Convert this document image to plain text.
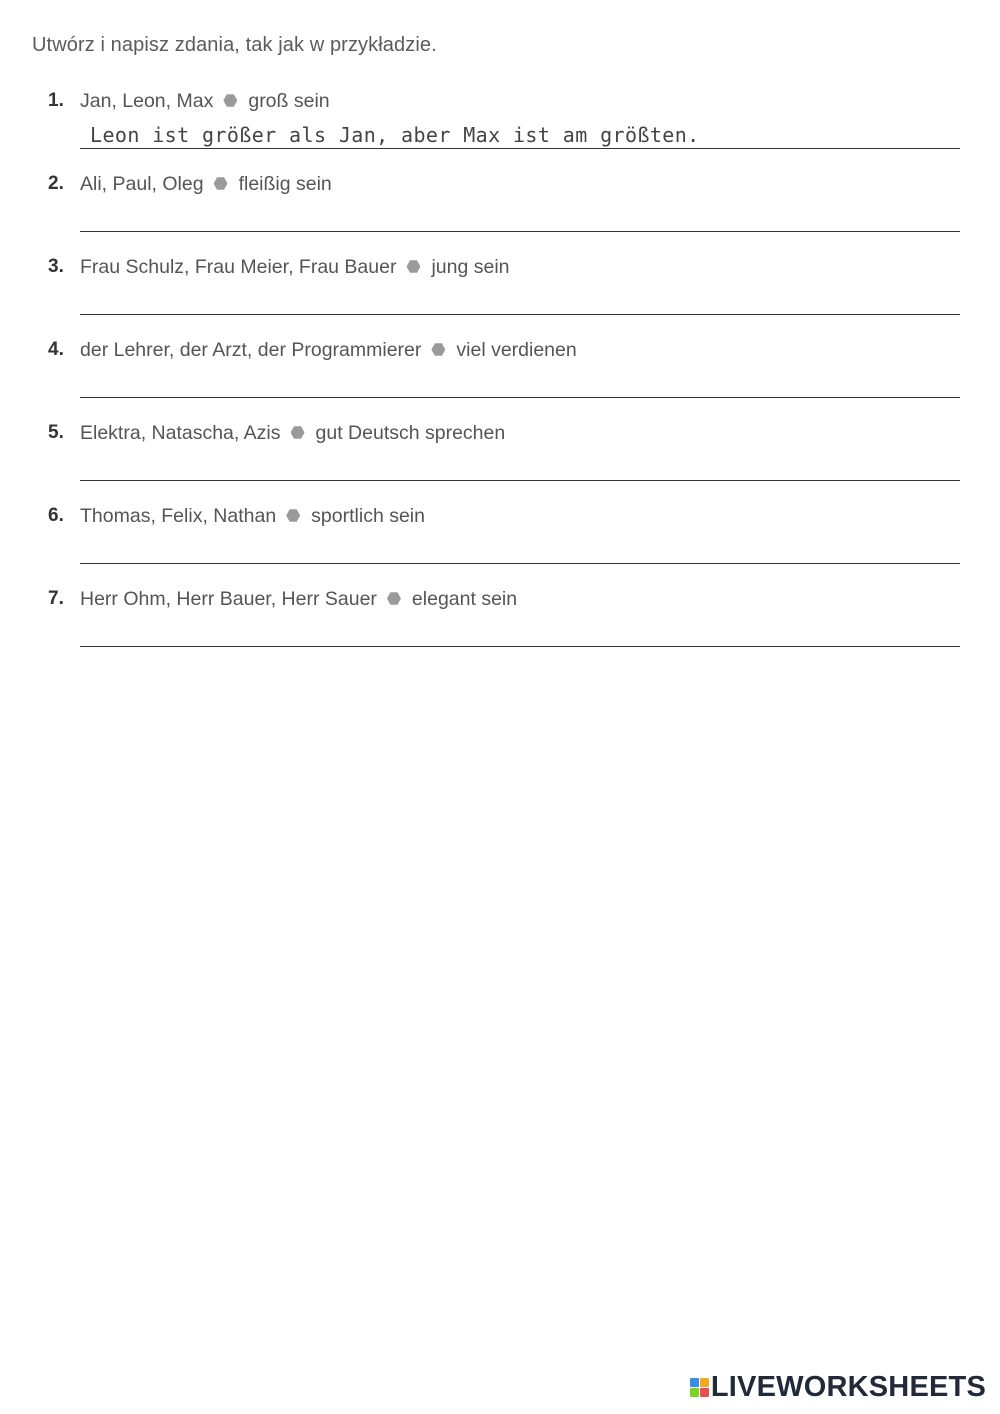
Utwórz i napisz zdania, tak jak w przykładzie.
1. Jan, Leon, Max groß sein
Leon ist größer als Jan, aber Max ist am größten.
2. Ali, Paul, Oleg fleißig sein
3. Frau Schulz, Frau Meier, Frau Bauer jung sein
4. der Lehrer, der Arzt, der Programmierer viel verdienen
5. Elektra, Natascha, Azis gut Deutsch sprechen
6. Thomas, Felix, Nathan sportlich sein
7. Herr Ohm, Herr Bauer, Herr Sauer elegant sein
LIVEWORKSHEETS
